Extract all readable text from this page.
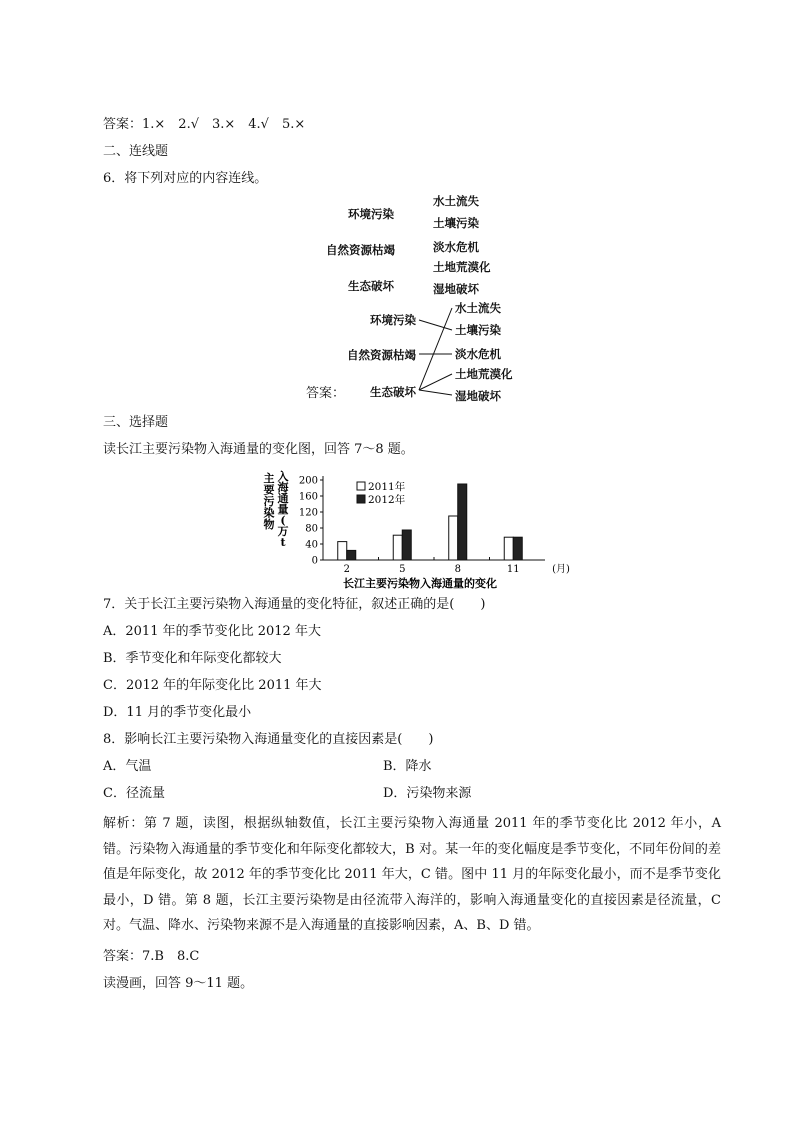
答案：1.×　2.√　3.×　4.√　5.×
二、连线题
6．将下列对应的内容连线。
环境污染
自然资源枯竭
生态破坏
水土流失
土壤污染
淡水危机
土地荒漠化
湿地破坏
答案：
环境污染
自然资源枯竭
生态破坏
水土流失
土壤污染
淡水危机
土地荒漠化
湿地破坏
三、选择题
读长江主要污染物入海通量的变化图，回答 7～8 题。
主
要
污
染
物
入
海
通
量
(
万
t
0
40
80
120
160
200
2	5	8	11	(月)
2011年
2012年
长江主要污染物入海通量的变化
7．关于长江主要污染物入海通量的变化特征，叙述正确的是(　　)
A．2011 年的季节变化比 2012 年大
B．季节变化和年际变化都较大
C．2012 年的年际变化比 2011 年大
D．11 月的季节变化最小
8．影响长江主要污染物入海通量变化的直接因素是(　　)
A．气温	B．降水
C．径流量	D．污染物来源
解析：第 7 题，读图，根据纵轴数值，长江主要污染物入海通量 2011 年的季节变化比 2012 年小，A 错。污染物入海通量的季节变化和年际变化都较大，B 对。某一年的变化幅度是季节变化，不同年份间的差值是年际变化，故 2012 年的季节变化比 2011 年大，C 错。图中 11 月的年际变化最小，而不是季节变化最小，D 错。第 8 题，长江主要污染物是由径流带入海洋的，影响入海通量变化的直接因素是径流量，C 对。气温、降水、污染物来源不是入海通量的直接影响因素，A、B、D 错。
答案：7.B　8.C
读漫画，回答 9～11 题。
